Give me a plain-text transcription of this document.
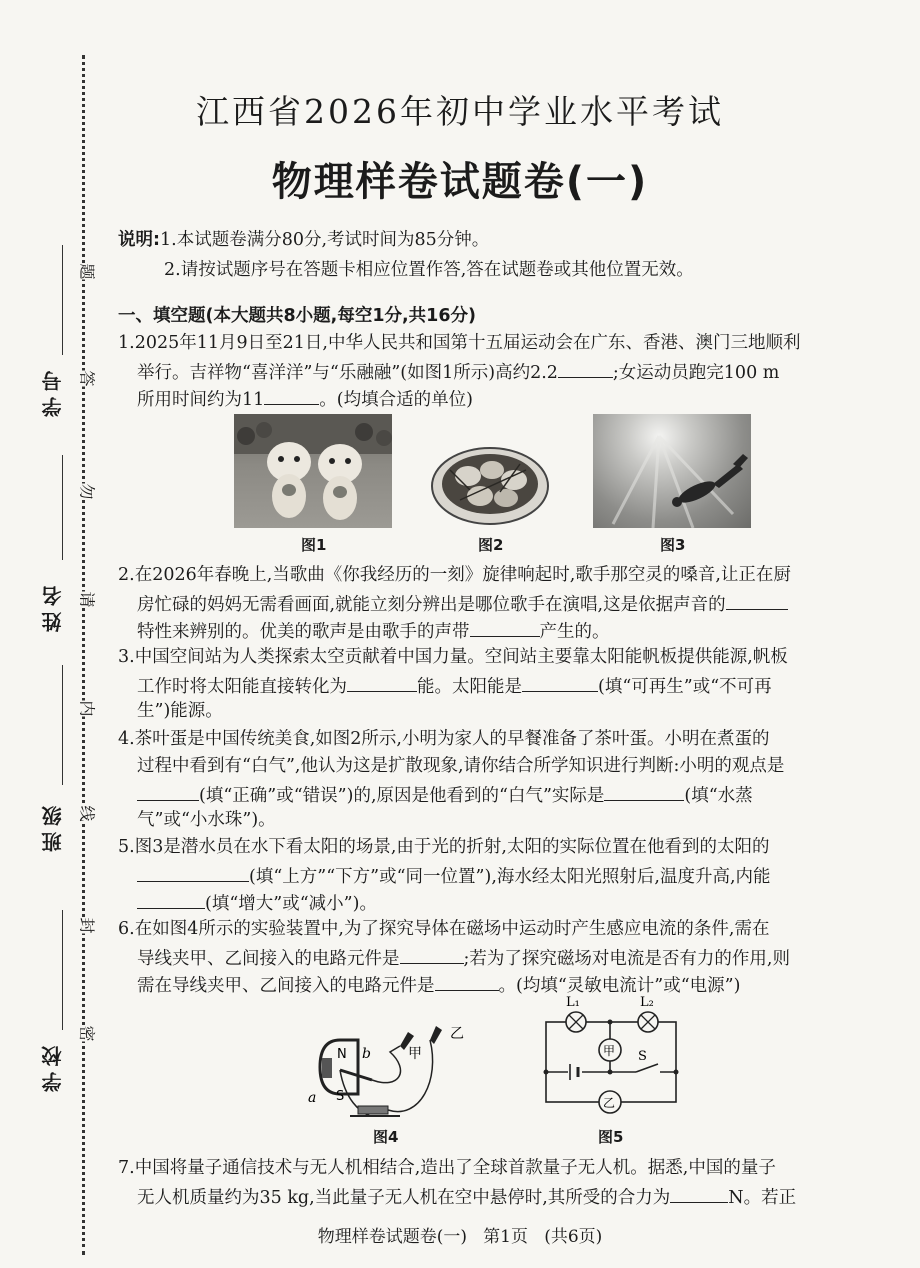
学号
姓名
班级
学校
题
答
勿
请
内
线
封
密
江西省2026年初中学业水平考试
物理样卷试题卷(一)
说明:1.本试题卷满分80分,考试时间为85分钟。
2.请按试题序号在答题卡相应位置作答,答在试题卷或其他位置无效。
一、填空题(本大题共8小题,每空1分,共16分)
1.2025年11月9日至21日,中华人民共和国第十五届运动会在广东、香港、澳门三地顺利
举行。吉祥物“喜洋洋”与“乐融融”(如图1所示)高约2.2	;女运动员跑完100 m
所用时间约为11	。(均填合适的单位)
图1	图2	图3
2.在2026年春晚上,当歌曲《你我经历的一刻》旋律响起时,歌手那空灵的嗓音,让正在厨
房忙碌的妈妈无需看画面,就能立刻分辨出是哪位歌手在演唱,这是依据声音的
特性来辨别的。优美的歌声是由歌手的声带	产生的。
3.中国空间站为人类探索太空贡献着中国力量。空间站主要靠太阳能帆板提供能源,帆板
工作时将太阳能直接转化为	能。太阳能是	(填“可再生”或“不可再
生”)能源。
4.茶叶蛋是中国传统美食,如图2所示,小明为家人的早餐准备了茶叶蛋。小明在煮蛋的
过程中看到有“白气”,他认为这是扩散现象,请你结合所学知识进行判断:小明的观点是
(填“正确”或“错误”)的,原因是他看到的“白气”实际是	(填“水蒸
气”或“小水珠”)。
5.图3是潜水员在水下看太阳的场景,由于光的折射,太阳的实际位置在他看到的太阳的
(填“上方”“下方”或“同一位置”),海水经太阳光照射后,温度升高,内能
(填“增大”或“减小”)。
6.在如图4所示的实验装置中,为了探究导体在磁场中运动时产生感应电流的条件,需在
导线夹甲、乙间接入的电路元件是	;若为了探究磁场对电流是否有力的作用,则
需在导线夹甲、乙间接入的电路元件是	。(均填“灵敏电流计”或“电源”)
N
S
a
b	甲
乙
图4
L₁	L₂
甲
乙
S
图5
7.中国将量子通信技术与无人机相结合,造出了全球首款量子无人机。据悉,中国的量子
无人机质量约为35 kg,当此量子无人机在空中悬停时,其所受的合力为	N。若正
物理样卷试题卷(一)   第1页   (共6页)
